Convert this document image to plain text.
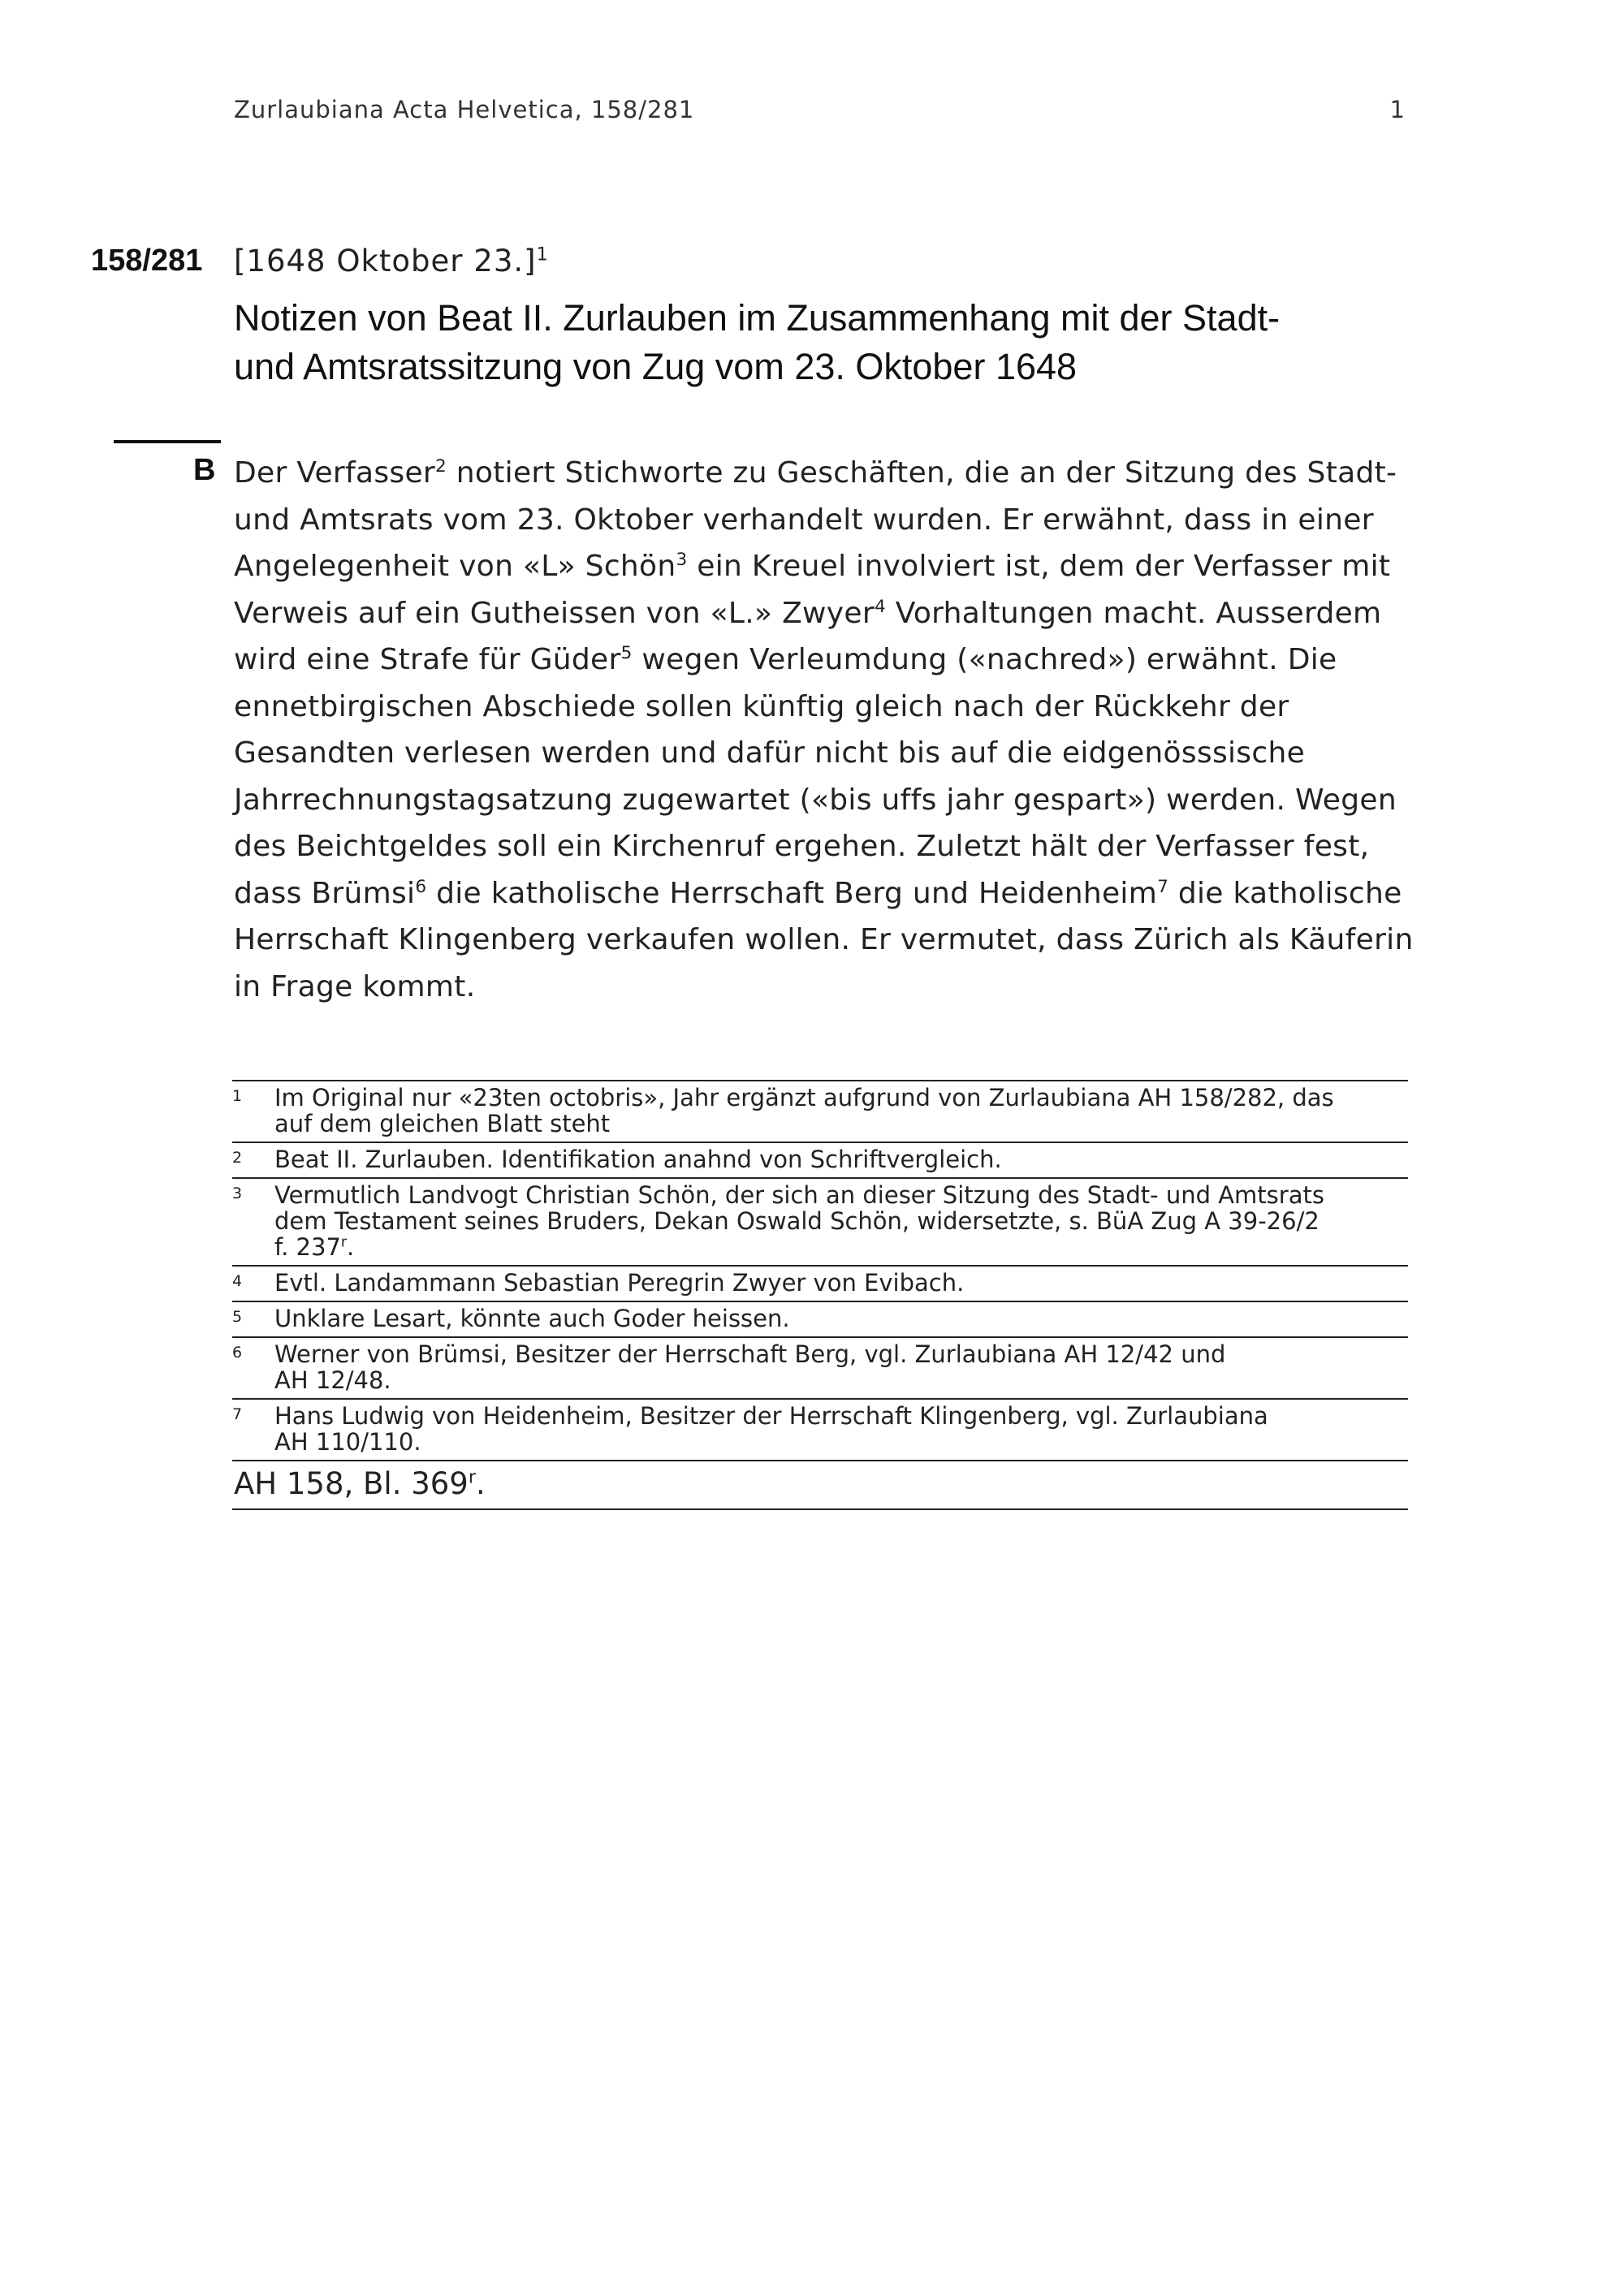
Zurlaubiana Acta Helvetica, 158/281	1
158/281 [1648 Oktober 23.]$^1$
Notizen von Beat II. Zurlauben im Zusammenhang mit der Stadt-
und Amtsratssitzung von Zug vom 23. Oktober 1648
B Der Verfasser$^2$ notiert Stichworte zu Geschäften, die an der Sitzung des Stadt-
und Amtsrats vom 23. Oktober verhandelt wurden. Er erwähnt, dass in einer
Angelegenheit von «L» Schön$^3$ ein Kreuel involviert ist, dem der Verfasser mit
Verweis auf ein Gutheissen von «L.» Zwyer$^4$ Vorhaltungen macht. Ausserdem
wird eine Strafe für Güder$^5$ wegen Verleumdung («nachred») erwähnt. Die
ennetbirgischen Abschiede sollen künftig gleich nach der Rückkehr der
Gesandten verlesen werden und dafür nicht bis auf die eidgenösssische
Jahrrechnungstagsatzung zugewartet («bis uffs jahr gespart») werden. Wegen
des Beichtgeldes soll ein Kirchenruf ergehen. Zuletzt hält der Verfasser fest,
dass Brümsi$^6$ die katholische Herrschaft Berg und Heidenheim$^7$ die katholische
Herrschaft Klingenberg verkaufen wollen. Er vermutet, dass Zürich als Käuferin
in Frage kommt.
1 Im Original nur «23ten octobris», Jahr ergänzt aufgrund von Zurlaubiana AH 158/282, das
auf dem gleichen Blatt steht
2 Beat II. Zurlauben. Identifikation anahnd von Schriftvergleich.
3 Vermutlich Landvogt Christian Schön, der sich an dieser Sitzung des Stadt- und Amtsrats
dem Testament seines Bruders, Dekan Oswald Schön, widersetzte, s. BüA Zug A 39-26/2
f. 237$^r$.
4 Evtl. Landammann Sebastian Peregrin Zwyer von Evibach.
5 Unklare Lesart, könnte auch Goder heissen.
6 Werner von Brümsi, Besitzer der Herrschaft Berg, vgl. Zurlaubiana AH 12/42 und
AH 12/48.
7 Hans Ludwig von Heidenheim, Besitzer der Herrschaft Klingenberg, vgl. Zurlaubiana
AH 110/110.
AH 158, Bl. 369$^r$.
